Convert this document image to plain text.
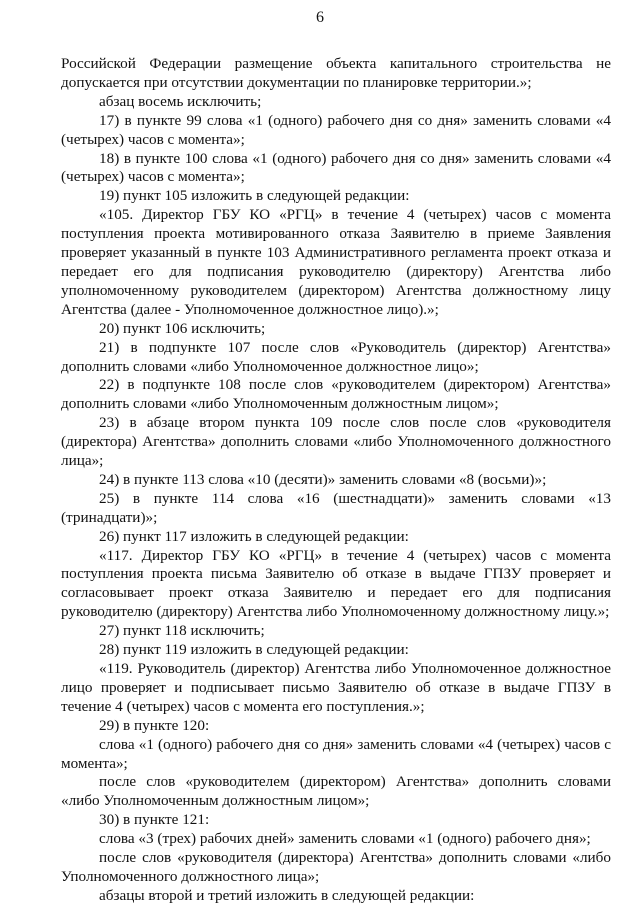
6

Российской Федерации размещение объекта капитального строительства не допускается при отсутствии документации по планировке территории.»;

абзац восемь исключить;

17) в пункте 99 слова «1 (одного) рабочего дня со дня» заменить словами «4 (четырех) часов с момента»;

18) в пункте 100 слова «1 (одного) рабочего дня со дня» заменить словами «4 (четырех) часов с момента»;

19) пункт 105 изложить в следующей редакции:

«105. Директор ГБУ КО «РГЦ» в течение 4 (четырех) часов с момента поступления проекта мотивированного отказа Заявителю в приеме Заявления проверяет указанный в пункте 103 Административного регламента проект отказа и передает его для подписания руководителю (директору) Агентства либо уполномоченному руководителем (директором) Агентства должностному лицу Агентства (далее - Уполномоченное должностное лицо).»;

20) пункт 106 исключить;

21) в подпункте 107 после слов «Руководитель (директор) Агентства» дополнить словами «либо Уполномоченное должностное лицо»;

22) в подпункте 108 после слов «руководителем (директором) Агентства» дополнить словами «либо Уполномоченным должностным лицом»;

23) в абзаце втором пункта 109 после слов после слов «руководителя (директора) Агентства» дополнить словами «либо Уполномоченного должностного лица»;

24) в пункте 113 слова «10 (десяти)» заменить словами «8 (восьми)»;

25) в пункте 114 слова «16 (шестнадцати)» заменить словами «13 (тринадцати)»;

26) пункт 117 изложить в следующей редакции:

«117. Директор ГБУ КО «РГЦ» в течение 4 (четырех) часов с момента поступления проекта письма Заявителю об отказе в выдаче ГПЗУ проверяет и согласовывает проект отказа Заявителю и передает его для подписания руководителю (директору) Агентства либо Уполномоченному должностному лицу.»;

27) пункт 118 исключить;

28) пункт 119 изложить в следующей редакции:

«119. Руководитель (директор) Агентства либо Уполномоченное должностное лицо проверяет и подписывает письмо Заявителю об отказе в выдаче ГПЗУ в течение 4 (четырех) часов с момента его поступления.»;

29) в пункте 120:

слова «1 (одного) рабочего дня со дня» заменить словами «4 (четырех) часов с момента»;

после слов «руководителем (директором) Агентства» дополнить словами «либо Уполномоченным должностным лицом»;

30) в пункте 121:

слова «3 (трех) рабочих дней» заменить словами «1 (одного) рабочего дня»;

после слов «руководителя (директора) Агентства» дополнить словами «либо Уполномоченного должностного лица»;

абзацы второй и третий изложить в следующей редакции:
